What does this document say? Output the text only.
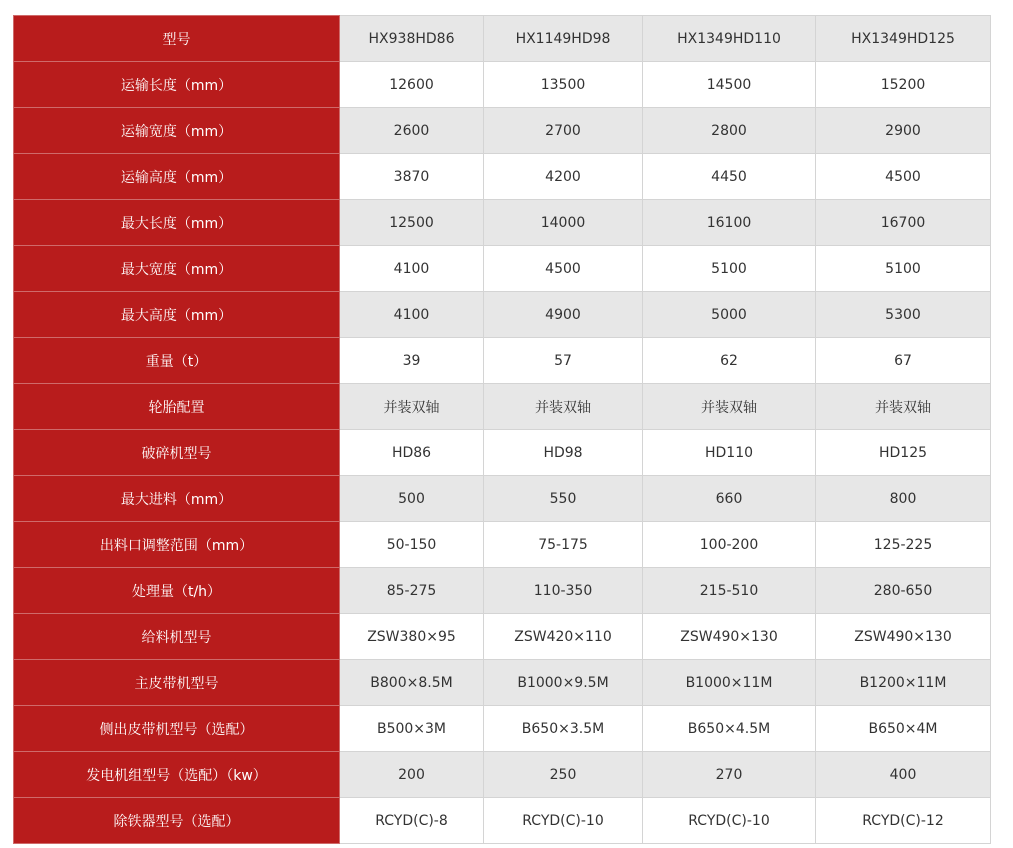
型号	HX938HD86	HX1149HD98	HX1349HD110	HX1349HD125
运输长度（mm）	12600	13500	14500	15200
运输宽度（mm）	2600	2700	2800	2900
运输高度（mm）	3870	4200	4450	4500
最大长度（mm）	12500	14000	16100	16700
最大宽度（mm）	4100	4500	5100	5100
最大高度（mm）	4100	4900	5000	5300
重量（t）	39	57	62	67
轮胎配置	并装双轴	并装双轴	并装双轴	并装双轴
破碎机型号	HD86	HD98	HD110	HD125
最大进料（mm）	500	550	660	800
出料口调整范围（mm）	50-150	75-175	100-200	125-225
处理量（t/h）	85-275	110-350	215-510	280-650
给料机型号	ZSW380×95	ZSW420×110	ZSW490×130	ZSW490×130
主皮带机型号	B800×8.5M	B1000×9.5M	B1000×11M	B1200×11M
侧出皮带机型号（选配）	B500×3M	B650×3.5M	B650×4.5M	B650×4M
发电机组型号（选配）（kw）	200	250	270	400
除铁器型号（选配）	RCYD(C)-8	RCYD(C)-10	RCYD(C)-10	RCYD(C)-12
